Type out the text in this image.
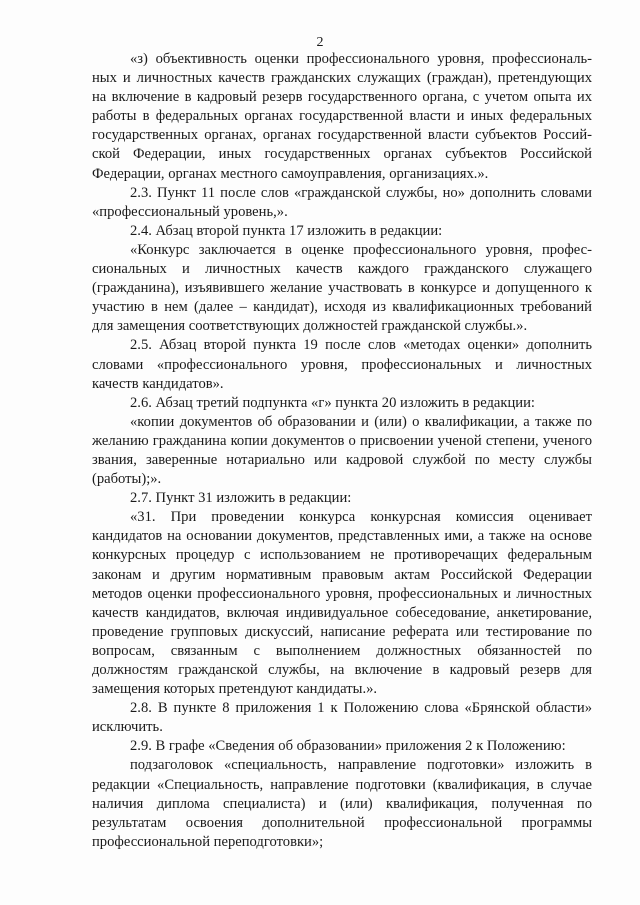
2

«з) объективность оценки профессионального уровня, профессиональ- ных и личностных качеств гражданских служащих (граждан), претендующих на включение в кадровый резерв государственного органа, с учетом опыта их работы в федеральных органах государственной власти и иных федеральных государственных органах, органах государственной власти субъектов Россий- ской Федерации, иных государственных органах субъектов Российской Федерации, органах местного самоуправления, организациях.».

2.3. Пункт 11 после слов «гражданской службы, но» дополнить словами «профессиональный уровень,».

2.4. Абзац второй пункта 17 изложить в редакции:

«Конкурс заключается в оценке профессионального уровня, профес- сиональных и личностных качеств каждого гражданского служащего (гражданина), изъявившего желание участвовать в конкурсе и допущенного к участию в нем (далее – кандидат), исходя из квалификационных требований для замещения соответствующих должностей гражданской службы.».

2.5. Абзац второй пункта 19 после слов «методах оценки» дополнить словами «профессионального уровня, профессиональных и личностных качеств кандидатов».

2.6. Абзац третий подпункта «г» пункта 20 изложить в редакции:

«копии документов об образовании и (или) о квалификации, а также по желанию гражданина копии документов о присвоении ученой степени, ученого звания, заверенные нотариально или кадровой службой по месту службы (работы);».

2.7. Пункт 31 изложить в редакции:

«31. При проведении конкурса конкурсная комиссия оценивает кандидатов на основании документов, представленных ими, а также на основе конкурсных процедур с использованием не противоречащих федеральным законам и другим нормативным правовым актам Российской Федерации методов оценки профессионального уровня, профессиональных и личностных качеств кандидатов, включая индивидуальное собеседование, анкетирование, проведение групповых дискуссий, написание реферата или тестирование по вопросам, связанным с выполнением должностных обязанностей по должностям гражданской службы, на включение в кадровый резерв для замещения которых претендуют кандидаты.».

2.8. В пункте 8 приложения 1 к Положению слова «Брянской области» исключить.

2.9. В графе «Сведения об образовании» приложения 2 к Положению:

подзаголовок «специальность, направление подготовки» изложить в редакции «Специальность, направление подготовки (квалификация, в случае наличия диплома специалиста) и (или) квалификация, полученная по результатам освоения дополнительной профессиональной программы профессиональной переподготовки»;
